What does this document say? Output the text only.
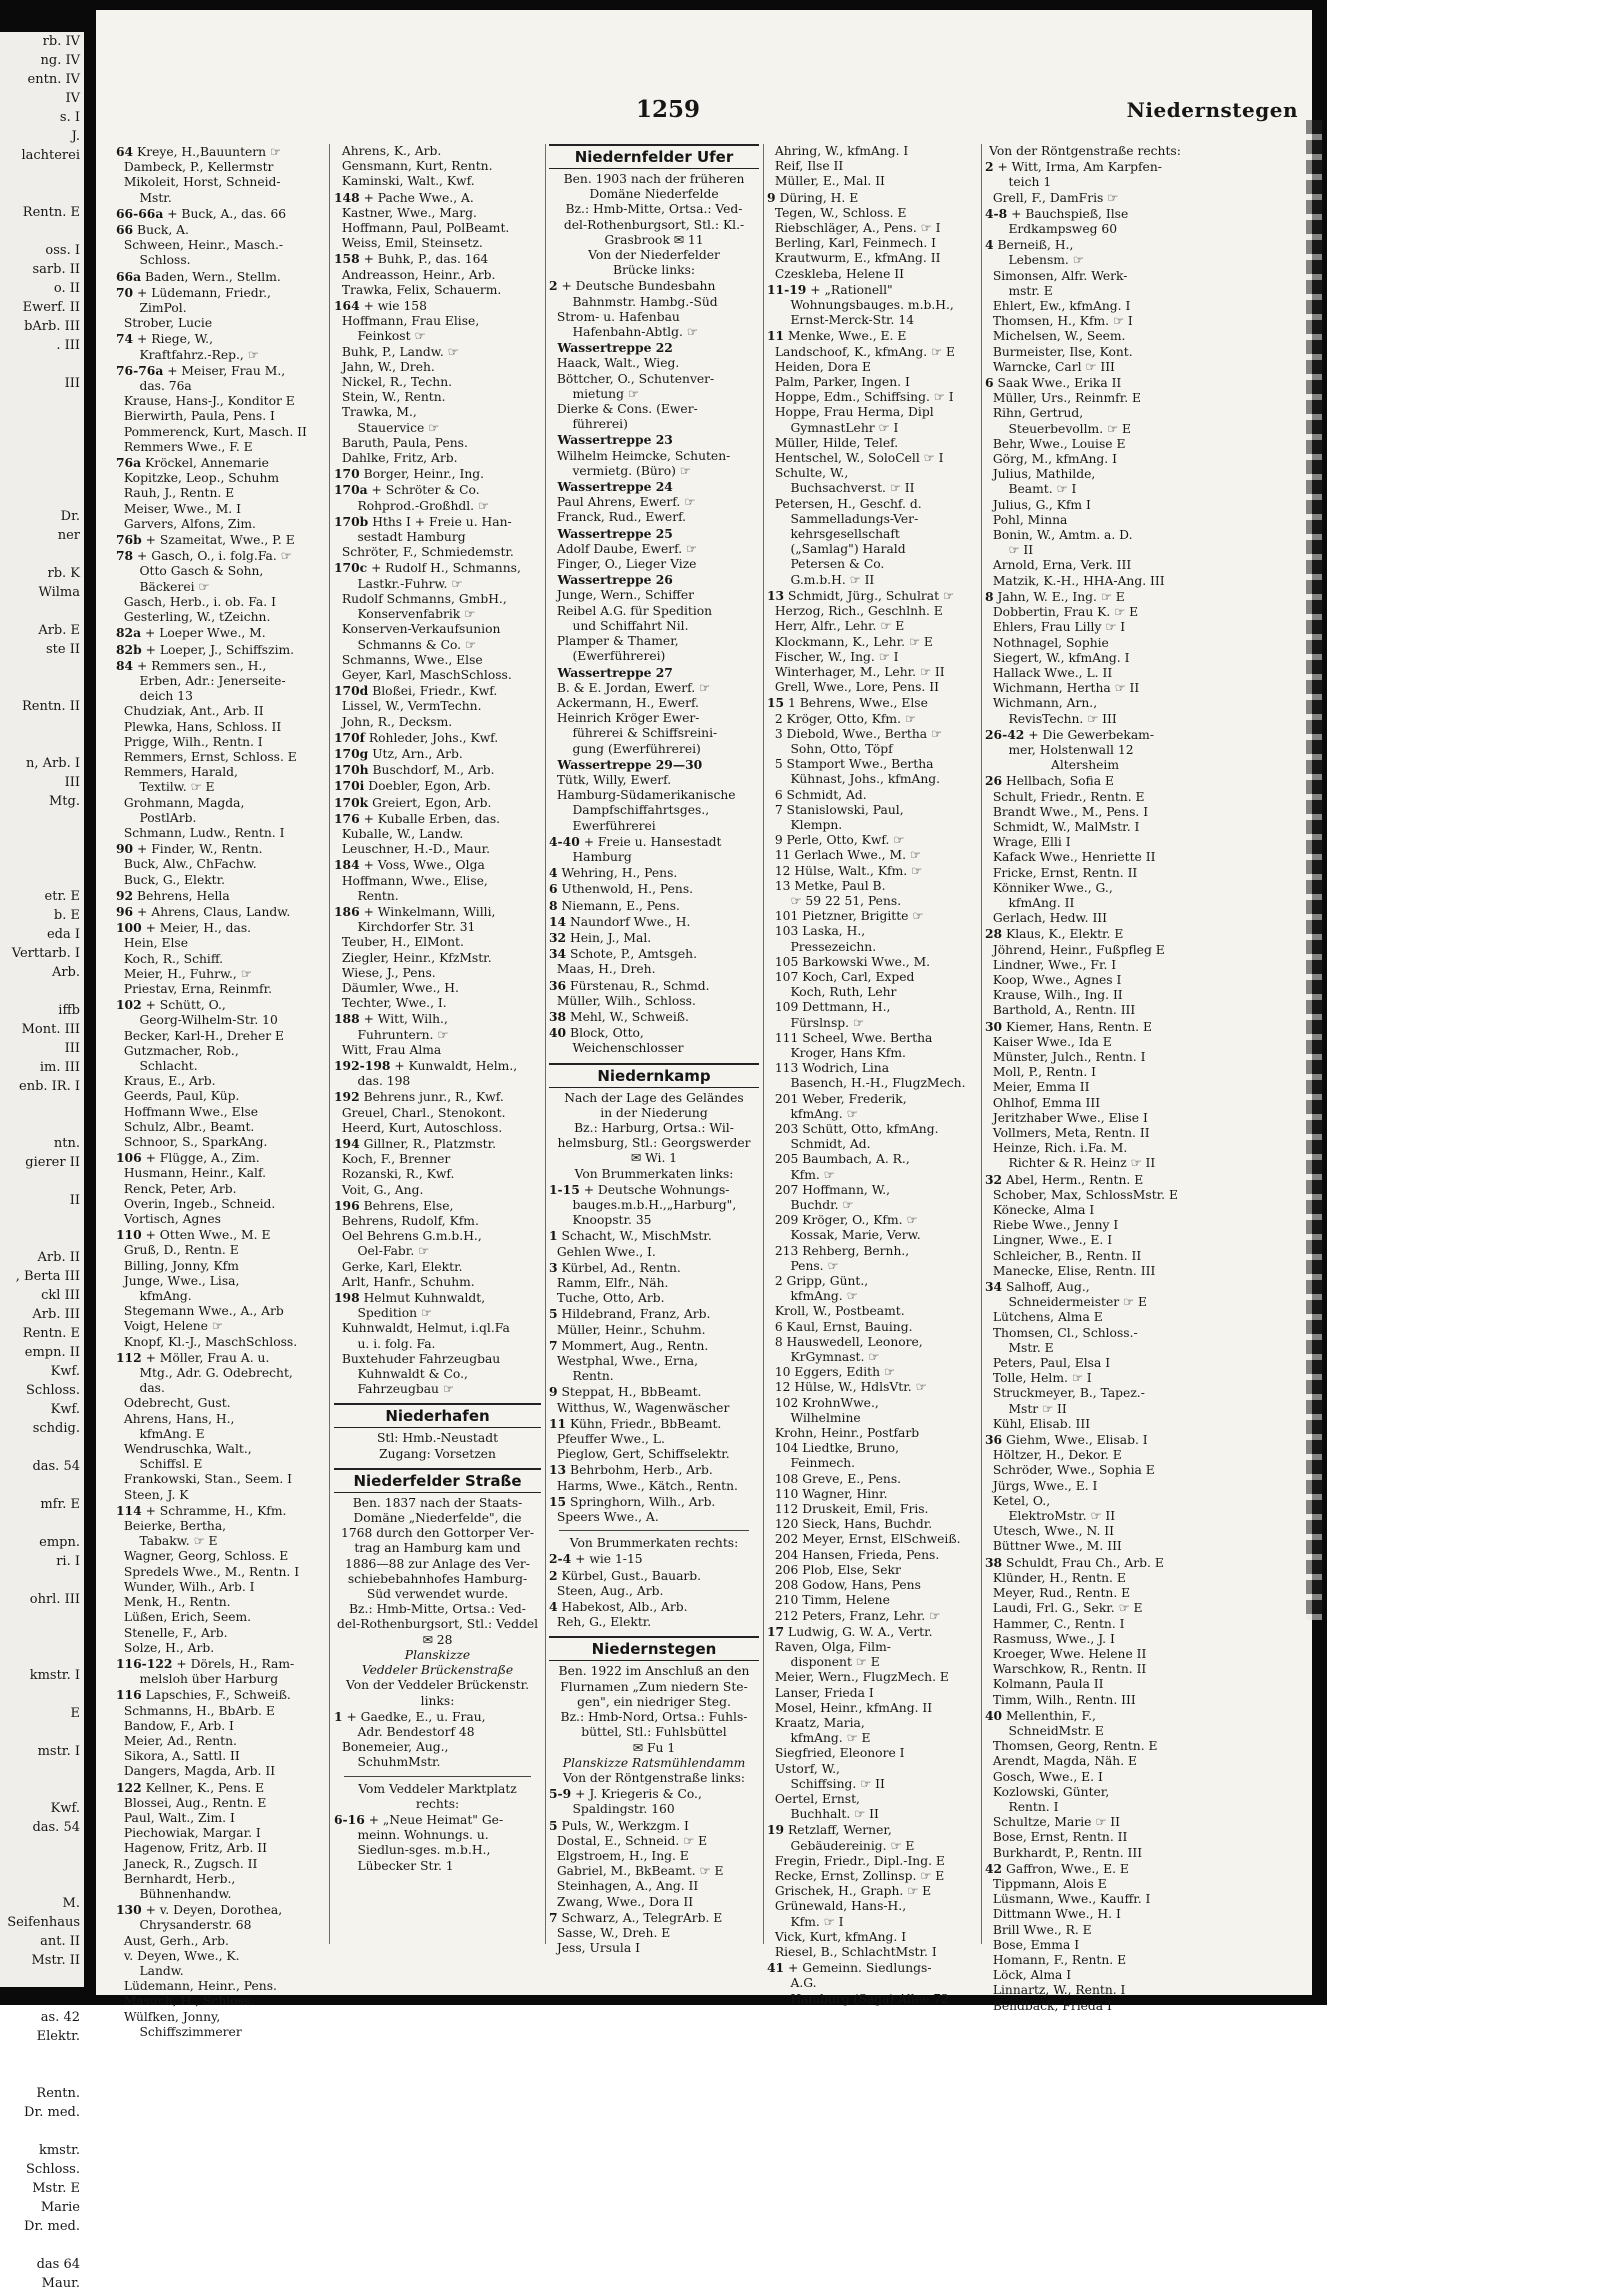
rb. IV
ng. IV
entn. IV
IV
s. I
J.
lachterei

Rentn. E

oss. I
sarb. II
o. II
Ewerf. II
bArb. III
. III

III

Dr.
ner

rb. K
Wilma

Arb. E
ste II

Rentn. II

n, Arb. I
III
Mtg.

etr. E
b. E
eda I
Verttarb. I
Arb.

iffb
Mont. III
III
im. III
enb. IR. I

ntn.
gierer II

II

Arb. II
, Berta III
ckl III
Arb. III
Rentn. E
empn. II
Kwf.
Schloss.
Kwf.
schdig.

das. 54

mfr. E

empn.
ri. I

ohrl. III

kmstr. I

E

mstr. I

Kwf.
das. 54

M.
Seifenhaus
ant. II
Mstr. II

as. 42
Elektr.

Rentn.
Dr. med.

kmstr.
Schloss.
Mstr. E
Marie
Dr. med.

das 64
Maur.
1259	Niedernstegen
64 Kreye, H.,Bauuntern ☞
Dambeck, P., Kellermstr
Mikoleit, Horst, Schneid-
Mstr.
66-66a + Buck, A., das. 66
66 Buck, A.
Schween, Heinr., Masch.-
Schloss.
66a Baden, Wern., Stellm.
70 + Lüdemann, Friedr.,
ZimPol.
Strober, Lucie
74 + Riege, W.,
Kraftfahrz.-Rep., ☞
76-76a + Meiser, Frau M.,
das. 76a
Krause, Hans-J., Konditor E
Bierwirth, Paula, Pens. I
Pommerenck, Kurt, Masch. II
Remmers Wwe., F. E
76a Kröckel, Annemarie
Kopitzke, Leop., Schuhm
Rauh, J., Rentn. E
Meiser, Wwe., M. I
Garvers, Alfons, Zim.
76b + Szameitat, Wwe., P. E
78 + Gasch, O., i. folg.Fa. ☞
Otto Gasch & Sohn,
Bäckerei ☞
Gasch, Herb., i. ob. Fa. I
Gesterling, W., tZeichn.
82a + Loeper Wwe., M.
82b + Loeper, J., Schiffszim.
84 + Remmers sen., H.,
Erben, Adr.: Jenerseite-
deich 13
Chudziak, Ant., Arb. II
Plewka, Hans, Schloss. II
Prigge, Wilh., Rentn. I
Remmers, Ernst, Schloss. E
Remmers, Harald,
Textilw. ☞ E
Grohmann, Magda,
PostlArb.
Schmann, Ludw., Rentn. I
90 + Finder, W., Rentn.
Buck, Alw., ChFachw.
Buck, G., Elektr.
92 Behrens, Hella
96 + Ahrens, Claus, Landw.
100 + Meier, H., das.
Hein, Else
Koch, R., Schiff.
Meier, H., Fuhrw., ☞
Priestav, Erna, Reinmfr.
102 + Schütt, O.,
Georg-Wilhelm-Str. 10
Becker, Karl-H., Dreher E
Gutzmacher, Rob.,
Schlacht.
Kraus, E., Arb.
Geerds, Paul, Küp.
Hoffmann Wwe., Else
Schulz, Albr., Beamt.
Schnoor, S., SparkAng.
106 + Flügge, A., Zim.
Husmann, Heinr., Kalf.
Renck, Peter, Arb.
Overin, Ingeb., Schneid.
Vortisch, Agnes
110 + Otten Wwe., M. E
Gruß, D., Rentn. E
Billing, Jonny, Kfm
Junge, Wwe., Lisa,
kfmAng.
Stegemann Wwe., A., Arb
Voigt, Helene ☞
Knopf, Kl.-J., MaschSchloss.
112 + Möller, Frau A. u.
Mtg., Adr. G. Odebrecht,
das.
Odebrecht, Gust.
Ahrens, Hans, H.,
kfmAng. E
Wendruschka, Walt.,
Schiffsl. E
Frankowski, Stan., Seem. I
Steen, J. K
114 + Schramme, H., Kfm.
Beierke, Bertha,
Tabakw. ☞ E
Wagner, Georg, Schloss. E
Spredels Wwe., M., Rentn. I
Wunder, Wilh., Arb. I
Menk, H., Rentn.
Lüßen, Erich, Seem.
Stenelle, F., Arb.
Solze, H., Arb.
116-122 + Dörels, H., Ram-
melsloh über Harburg
116 Lapschies, F., Schweiß.
Schmanns, H., BbArb. E
Bandow, F., Arb. I
Meier, Ad., Rentn.
Sikora, A., Sattl. II
Dangers, Magda, Arb. II
122 Kellner, K., Pens. E
Blossei, Aug., Rentn. E
Paul, Walt., Zim. I
Piechowiak, Margar. I
Hagenow, Fritz, Arb. II
Janeck, R., Zugsch. II
Bernhardt, Herb.,
Bühnenhandw.
130 + v. Deyen, Dorothea,
Chrysanderstr. 68
Aust, Gerh., Arb.
v. Deyen, Wwe., K.
Landw.
Lüdemann, Heinr., Pens.
Masuch, H., Schloss.
Wülfken, Jonny,
Schiffszimmerer
Ahrens, K., Arb.
Gensmann, Kurt, Rentn.
Kaminski, Walt., Kwf.
148 + Pache Wwe., A.
Kastner, Wwe., Marg.
Hoffmann, Paul, PolBeamt.
Weiss, Emil, Steinsetz.
158 + Buhk, P., das. 164
Andreasson, Heinr., Arb.
Trawka, Felix, Schauerm.
164 + wie 158
Hoffmann, Frau Elise,
Feinkost ☞
Buhk, P., Landw. ☞
Jahn, W., Dreh.
Nickel, R., Techn.
Stein, W., Rentn.
Trawka, M.,
Stauervice ☞
Baruth, Paula, Pens.
Dahlke, Fritz, Arb.
170 Borger, Heinr., Ing.
170a + Schröter & Co.
Rohprod.-Großhdl. ☞
170b Hths I + Freie u. Han-
sestadt Hamburg
Schröter, F., Schmiedemstr.
170c + Rudolf H., Schmanns,
Lastkr.-Fuhrw. ☞
Rudolf Schmanns, GmbH.,
Konservenfabrik ☞
Konserven-Verkaufsunion
Schmanns & Co. ☞
Schmanns, Wwe., Else
Geyer, Karl, MaschSchloss.
170d Bloßei, Friedr., Kwf.
Lissel, W., VermTechn.
John, R., Decksm.
170f Rohleder, Johs., Kwf.
170g Utz, Arn., Arb.
170h Buschdorf, M., Arb.
170i Doebler, Egon, Arb.
170k Greiert, Egon, Arb.
176 + Kuballe Erben, das.
Kuballe, W., Landw.
Leuschner, H.-D., Maur.
184 + Voss, Wwe., Olga
Hoffmann, Wwe., Elise,
Rentn.
186 + Winkelmann, Willi,
Kirchdorfer Str. 31
Teuber, H., ElMont.
Ziegler, Heinr., KfzMstr.
Wiese, J., Pens.
Däumler, Wwe., H.
Techter, Wwe., I.
188 + Witt, Wilh.,
Fuhruntern. ☞
Witt, Frau Alma
192-198 + Kunwaldt, Helm.,
das. 198
192 Behrens junr., R., Kwf.
Greuel, Charl., Stenokont.
Heerd, Kurt, Autoschloss.
194 Gillner, R., Platzmstr.
Koch, F., Brenner
Rozanski, R., Kwf.
Voit, G., Ang.
196 Behrens, Else,
Behrens, Rudolf, Kfm.
Oel Behrens G.m.b.H.,
Oel-Fabr. ☞
Gerke, Karl, Elektr.
Arlt, Hanfr., Schuhm.
198 Helmut Kuhnwaldt,
Spedition ☞
Kuhnwaldt, Helmut, i.ql.Fa
u. i. folg. Fa.
Buxtehuder Fahrzeugbau
Kuhnwaldt & Co.,
Fahrzeugbau ☞
Niederhafen
Stl: Hmb.-Neustadt
Zugang: Vorsetzen
Niederfelder Straße
Ben. 1837 nach der Staats-
Domäne „Niederfelde", die
1768 durch den Gottorper Ver-
trag an Hamburg kam und
1886—88 zur Anlage des Ver-
schiebebahnhofes Hamburg-
Süd verwendet wurde.
Bz.: Hmb-Mitte, Ortsa.: Ved-
del-Rothenburgsort, Stl.: Veddel
✉ 28
Planskizze
Veddeler Brückenstraße
Von der Veddeler Brückenstr.
links:
1 + Gaedke, E., u. Frau,
Adr. Bendestorf 48
Bonemeier, Aug.,
SchuhmMstr.
Vom Veddeler Marktplatz
rechts:
6-16 + „Neue Heimat" Ge-
meinn. Wohnungs. u.
Siedlun-sges. m.b.H.,
Lübecker Str. 1
Niedernfelder Ufer
Ben. 1903 nach der früheren
Domäne Niederfelde
Bz.: Hmb-Mitte, Ortsa.: Ved-
del-Rothenburgsort, Stl.: Kl.-
Grasbrook ✉ 11
Von der Niederfelder
Brücke links:
2 + Deutsche Bundesbahn
Bahnmstr. Hambg.-Süd
Strom- u. Hafenbau
Hafenbahn-Abtlg. ☞
Wassertreppe 22
Haack, Walt., Wieg.
Böttcher, O., Schutenver-
mietung ☞
Dierke & Cons. (Ewer-
führerei)
Wassertreppe 23
Wilhelm Heimcke, Schuten-
vermietg. (Büro) ☞
Wassertreppe 24
Paul Ahrens, Ewerf. ☞
Franck, Rud., Ewerf.
Wassertreppe 25
Adolf Daube, Ewerf. ☞
Finger, O., Lieger Vize
Wassertreppe 26
Junge, Wern., Schiffer
Reibel A.G. für Spedition
und Schiffahrt Nil.
Plamper & Thamer,
(Ewerführerei)
Wassertreppe 27
B. & E. Jordan, Ewerf. ☞
Ackermann, H., Ewerf.
Heinrich Kröger Ewer-
führerei & Schiffsreini-
gung (Ewerführerei)
Wassertreppe 29—30
Tütk, Willy, Ewerf.
Hamburg-Südamerikanische
Dampfschiffahrtsges.,
Ewerführerei
4-40 + Freie u. Hansestadt
Hamburg
4 Wehring, H., Pens.
6 Uthenwold, H., Pens.
8 Niemann, E., Pens.
14 Naundorf Wwe., H.
32 Hein, J., Mal.
34 Schote, P., Amtsgeh.
Maas, H., Dreh.
36 Fürstenau, R., Schmd.
Müller, Wilh., Schloss.
38 Mehl, W., Schweiß.
40 Block, Otto,
Weichenschlosser
Niedernkamp
Nach der Lage des Geländes
in der Niederung
Bz.: Harburg, Ortsa.: Wil-
helmsburg, Stl.: Georgswerder
✉ Wi. 1
Von Brummerkaten links:
1-15 + Deutsche Wohnungs-
bauges.m.b.H.,„Harburg",
Knoopstr. 35
1 Schacht, W., MischMstr.
Gehlen Wwe., I.
3 Kürbel, Ad., Rentn.
Ramm, Elfr., Näh.
Tuche, Otto, Arb.
5 Hildebrand, Franz, Arb.
Müller, Heinr., Schuhm.
7 Mommert, Aug., Rentn.
Westphal, Wwe., Erna,
Rentn.
9 Steppat, H., BbBeamt.
Witthus, W., Wagenwäscher
11 Kühn, Friedr., BbBeamt.
Pfeuffer Wwe., L.
Pieglow, Gert, Schiffselektr.
13 Behrbohm, Herb., Arb.
Harms, Wwe., Kätch., Rentn.
15 Springhorn, Wilh., Arb.
Speers Wwe., A.
Von Brummerkaten rechts:
2-4 + wie 1-15
2 Kürbel, Gust., Bauarb.
Steen, Aug., Arb.
4 Habekost, Alb., Arb.
Reh, G., Elektr.
Niedernstegen
Ben. 1922 im Anschluß an den
Flurnamen „Zum niedern Ste-
gen", ein niedriger Steg.
Bz.: Hmb-Nord, Ortsa.: Fuhls-
büttel, Stl.: Fuhlsbüttel
✉ Fu 1
Planskizze Ratsmühlendamm
Von der Röntgenstraße links:
5-9 + J. Kriegeris & Co.,
Spaldingstr. 160
5 Puls, W., Werkzgm. I
Dostal, E., Schneid. ☞ E
Elgstroem, H., Ing. E
Gabriel, M., BkBeamt. ☞ E
Steinhagen, A., Ang. II
Zwang, Wwe., Dora II
7 Schwarz, A., TelegrArb. E
Sasse, W., Dreh. E
Jess, Ursula I
Ahring, W., kfmAng. I
Reif, Ilse II
Müller, E., Mal. II
9 Düring, H. E
Tegen, W., Schloss. E
Riebschläger, A., Pens. ☞ I
Berling, Karl, Feinmech. I
Krautwurm, E., kfmAng. II
Czeskleba, Helene II
11-19 + „Rationell"
Wohnungsbauges. m.b.H.,
Ernst-Merck-Str. 14
11 Menke, Wwe., E. E
Landschoof, K., kfmAng. ☞ E
Heiden, Dora E
Palm, Parker, Ingen. I
Hoppe, Edm., Schiffsing. ☞ I
Hoppe, Frau Herma, Dipl
GymnastLehr ☞ I
Müller, Hilde, Telef.
Hentschel, W., SoloCell ☞ I
Schulte, W.,
Buchsachverst. ☞ II
Petersen, H., Geschf. d.
Sammelladungs-Ver-
kehrsgesellschaft
(„Samlag") Harald
Petersen & Co.
G.m.b.H. ☞ II
13 Schmidt, Jürg., Schulrat ☞
Herzog, Rich., Geschlnh. E
Herr, Alfr., Lehr. ☞ E
Klockmann, K., Lehr. ☞ E
Fischer, W., Ing. ☞ I
Winterhager, M., Lehr. ☞ II
Grell, Wwe., Lore, Pens. II
15 1 Behrens, Wwe., Else
2 Kröger, Otto, Kfm. ☞
3 Diebold, Wwe., Bertha ☞
Sohn, Otto, Töpf
5 Stamport Wwe., Bertha
Kühnast, Johs., kfmAng.
6 Schmidt, Ad.
7 Stanislowski, Paul,
Klempn.
9 Perle, Otto, Kwf. ☞
11 Gerlach Wwe., M. ☞
12 Hülse, Walt., Kfm. ☞
13 Metke, Paul B.
☞ 59 22 51, Pens.
101 Pietzner, Brigitte ☞
103 Laska, H.,
Pressezeichn.
105 Barkowski Wwe., M.
107 Koch, Carl, Exped
Koch, Ruth, Lehr
109 Dettmann, H.,
Fürslnsp. ☞
111 Scheel, Wwe. Bertha
Kroger, Hans Kfm.
113 Wodrich, Lina
Basench, H.-H., FlugzMech.
201 Weber, Frederik,
kfmAng. ☞
203 Schütt, Otto, kfmAng.
Schmidt, Ad.
205 Baumbach, A. R.,
Kfm. ☞
207 Hoffmann, W.,
Buchdr. ☞
209 Kröger, O., Kfm. ☞
Kossak, Marie, Verw.
213 Rehberg, Bernh.,
Pens. ☞
2 Gripp, Günt.,
kfmAng. ☞
Kroll, W., Postbeamt.
6 Kaul, Ernst, Bauing.
8 Hauswedell, Leonore,
KrGymnast. ☞
10 Eggers, Edith ☞
12 Hülse, W., HdlsVtr. ☞
102 KrohnWwe.,
Wilhelmine
Krohn, Heinr., Postfarb
104 Liedtke, Bruno,
Feinmech.
108 Greve, E., Pens.
110 Wagner, Hinr.
112 Druskeit, Emil, Fris.
120 Sieck, Hans, Buchdr.
202 Meyer, Ernst, ElSchweiß.
204 Hansen, Frieda, Pens.
206 Plob, Else, Sekr
208 Godow, Hans, Pens
210 Timm, Helene
212 Peters, Franz, Lehr. ☞
17 Ludwig, G. W. A., Vertr.
Raven, Olga, Film-
disponent ☞ E
Meier, Wern., FlugzMech. E
Lanser, Frieda I
Mosel, Heinr., kfmAng. II
Kraatz, Maria,
kfmAng. ☞ E
Siegfried, Eleonore I
Ustorf, W.,
Schiffsing. ☞ II
Oertel, Ernst,
Buchhalt. ☞ II
19 Retzlaff, Werner,
Gebäudereinig. ☞ E
Fregin, Friedr., Dipl.-Ing. E
Recke, Ernst, Zollinsp. ☞ E
Grischek, H., Graph. ☞ E
Grünewald, Hans-H.,
Kfm. ☞ I
Vick, Kurt, kfmAng. I
Riesel, B., SchlachtMstr. I
41 + Gemeinn. Siedlungs-
A.G.
Hamburg (Saga) Allee 72
Von der Röntgenstraße rechts:
2 + Witt, Irma, Am Karpfen-
teich 1
Grell, F., DamFris ☞
4-8 + Bauchspieß, Ilse
Erdkampsweg 60
4 Berneiß, H.,
Lebensm. ☞
Simonsen, Alfr. Werk-
mstr. E
Ehlert, Ew., kfmAng. I
Thomsen, H., Kfm. ☞ I
Michelsen, W., Seem.
Burmeister, Ilse, Kont.
Warncke, Carl ☞ III
6 Saak Wwe., Erika II
Müller, Urs., Reinmfr. E
Rihn, Gertrud,
Steuerbevollm. ☞ E
Behr, Wwe., Louise E
Görg, M., kfmAng. I
Julius, Mathilde,
Beamt. ☞ I
Julius, G., Kfm I
Pohl, Minna
Bonin, W., Amtm. a. D.
☞ II
Arnold, Erna, Verk. III
Matzik, K.-H., HHA-Ang. III
8 Jahn, W. E., Ing. ☞ E
Dobbertin, Frau K. ☞ E
Ehlers, Frau Lilly ☞ I
Nothnagel, Sophie
Siegert, W., kfmAng. I
Hallack Wwe., L. II
Wichmann, Hertha ☞ II
Wichmann, Arn.,
RevisTechn. ☞ III
26-42 + Die Gewerbekam-
mer, Holstenwall 12
Altersheim
26 Hellbach, Sofia E
Schult, Friedr., Rentn. E
Brandt Wwe., M., Pens. I
Schmidt, W., MalMstr. I
Wrage, Elli I
Kafack Wwe., Henriette II
Fricke, Ernst, Rentn. II
Könniker Wwe., G.,
kfmAng. II
Gerlach, Hedw. III
28 Klaus, K., Elektr. E
Jöhrend, Heinr., Fußpfleg E
Lindner, Wwe., Fr. I
Koop, Wwe., Agnes I
Krause, Wilh., Ing. II
Barthold, A., Rentn. III
30 Kiemer, Hans, Rentn. E
Kaiser Wwe., Ida E
Münster, Julch., Rentn. I
Moll, P., Rentn. I
Meier, Emma II
Ohlhof, Emma III
Jeritzhaber Wwe., Elise I
Vollmers, Meta, Rentn. II
Heinze, Rich. i.Fa. M.
Richter & R. Heinz ☞ II
32 Abel, Herm., Rentn. E
Schober, Max, SchlossMstr. E
Könecke, Alma I
Riebe Wwe., Jenny I
Lingner, Wwe., E. I
Schleicher, B., Rentn. II
Manecke, Elise, Rentn. III
34 Salhoff, Aug.,
Schneidermeister ☞ E
Lütchens, Alma E
Thomsen, Cl., Schloss.-
Mstr. E
Peters, Paul, Elsa I
Tolle, Helm. ☞ I
Struckmeyer, B., Tapez.-
Mstr ☞ II
Kühl, Elisab. III
36 Giehm, Wwe., Elisab. I
Höltzer, H., Dekor. E
Schröder, Wwe., Sophia E
Jürgs, Wwe., E. I
Ketel, O.,
ElektroMstr. ☞ II
Utesch, Wwe., N. II
Büttner Wwe., M. III
38 Schuldt, Frau Ch., Arb. E
Klünder, H., Rentn. E
Meyer, Rud., Rentn. E
Laudi, Frl. G., Sekr. ☞ E
Hammer, C., Rentn. I
Rasmuss, Wwe., J. I
Kroeger, Wwe. Helene II
Warschkow, R., Rentn. II
Kolmann, Paula II
Timm, Wilh., Rentn. III
40 Mellenthin, F.,
SchneidMstr. E
Thomsen, Georg, Rentn. E
Arendt, Magda, Näh. E
Gosch, Wwe., E. I
Kozlowski, Günter,
Rentn. I
Schultze, Marie ☞ II
Bose, Ernst, Rentn. II
Burkhardt, P., Rentn. III
42 Gaffron, Wwe., E. E
Tippmann, Alois E
Lüsmann, Wwe., Kauffr. I
Dittmann Wwe., H. I
Brill Wwe., R. E
Bose, Emma I
Homann, F., Rentn. E
Löck, Alma I
Linnartz, W., Rentn. I
Bendback, Frieda I
